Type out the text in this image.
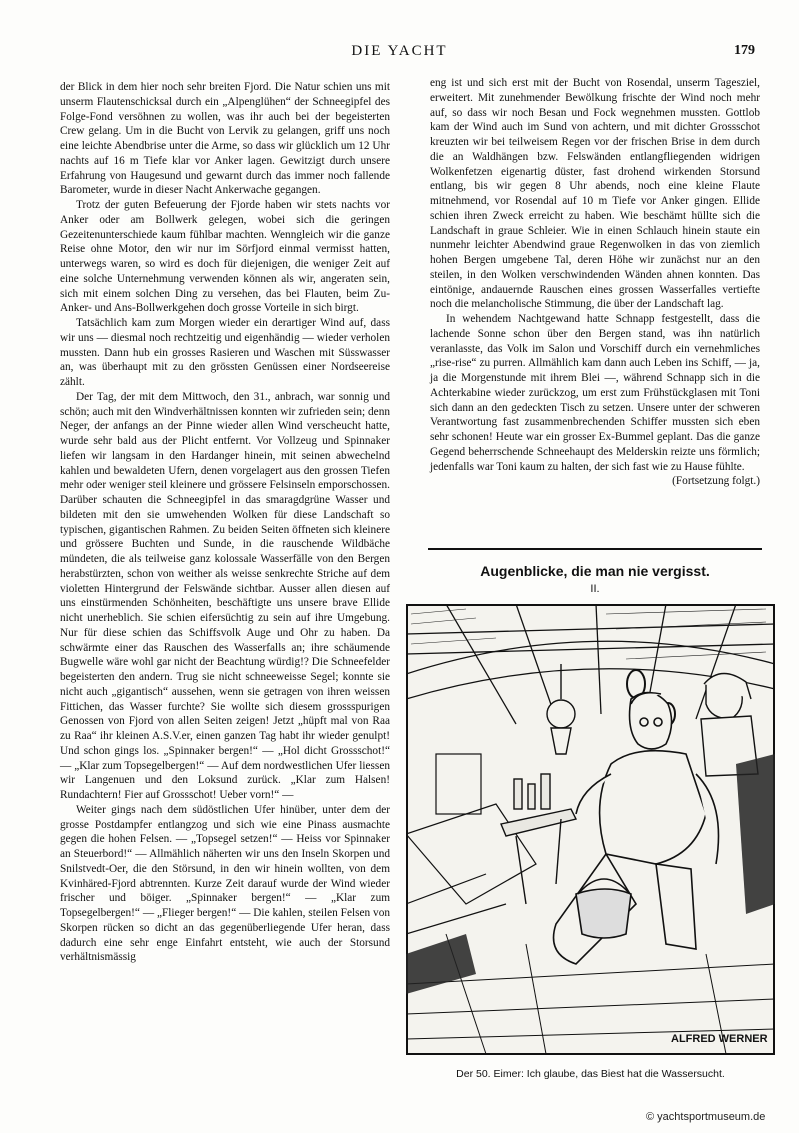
DIE YACHT	179

der Blick in dem hier noch sehr breiten Fjord. Die Natur schien uns mit unserm Flautenschicksal durch ein „Alpenglühen“ der Schneegipfel des Folge-Fond versöhnen zu wollen, was ihr auch bei der begeisterten Crew gelang. Um in die Bucht von Lervik zu gelangen, griff uns noch eine leichte Abendbrise unter die Arme, so dass wir glücklich um 12 Uhr nachts auf 16 m Tiefe klar vor Anker lagen. Gewitzigt durch unsere Erfahrung von Haugesund und gewarnt durch das immer noch fallende Barometer, wurde in dieser Nacht Ankerwache gegangen.

Trotz der guten Befeuerung der Fjorde haben wir stets nachts vor Anker oder am Bollwerk gelegen, wobei sich die geringen Gezeitenunterschiede kaum fühlbar machten. Wenngleich wir die ganze Reise ohne Motor, den wir nur im Sörfjord einmal vermisst hatten, unterwegs waren, so wird es doch für diejenigen, die weniger Zeit auf eine solche Unternehmung verwenden können als wir, angeraten sein, sich mit einem solchen Ding zu versehen, das bei Flauten, beim Zu-Anker- und Ans-Bollwerkgehen doch grosse Vorteile in sich birgt.

Tatsächlich kam zum Morgen wieder ein derartiger Wind auf, dass wir uns — diesmal noch rechtzeitig und eigenhändig — wieder verholen mussten. Dann hub ein grosses Rasieren und Waschen mit Süsswasser an, was überhaupt mit zu den grössten Genüssen einer Nordseereise zählt.

Der Tag, der mit dem Mittwoch, den 31., anbrach, war sonnig und schön; auch mit den Windverhältnissen konnten wir zufrieden sein; denn Neger, der anfangs an der Pinne wieder allen Wind verscheucht hatte, wurde sehr bald aus der Plicht entfernt. Vor Vollzeug und Spinnaker liefen wir langsam in den Hardanger hinein, mit seinen abwechelnd kahlen und bewaldeten Ufern, denen vorgelagert aus den grossen Tiefen mehr oder weniger steil kleinere und grössere Felsinseln emporschossen. Darüber schauten die Schneegipfel in das smaragdgrüne Wasser und bildeten mit den sie umwehenden Wolken für diese Landschaft so typischen, gigantischen Rahmen. Zu beiden Seiten öffneten sich kleinere und grössere Buchten und Sunde, in die rauschende Wildbäche mündeten, die als teilweise ganz kolossale Wasserfälle von den Bergen herabstürzten, schon von weither als weisse senkrechte Striche auf dem violetten Hintergrund der Felswände sichtbar. Ausser allen diesen auf uns einstürmenden Schönheiten, beschäftigte uns unsere brave Ellide nicht unerheblich. Sie schien eifersüchtig zu sein auf ihre Umgebung. Nur für diese schien das Schiffsvolk Auge und Ohr zu haben. Da schwärmte einer das Rauschen des Wasserfalls an; ihre schäumende Bugwelle wäre wohl gar nicht der Beachtung würdig!? Die Schneefelder begeisterten den andern. Trug sie nicht schneeweisse Segel; konnte sie nicht auch „gigantisch“ aussehen, wenn sie getragen von ihren weissen Fittichen, das Wasser furchte? Sie wollte sich diesem grossspurigen Genossen von Fjord von allen Seiten zeigen! Jetzt „hüpft mal von Raa zu Raa“ ihr kleinen A.S.V.er, einen ganzen Tag habt ihr wieder genulpt! Und schon gings los. „Spinnaker bergen!“ — „Hol dicht Grossschot!“ — „Klar zum Topsegelbergen!“ — Auf dem nordwestlichen Ufer liessen wir Langenuen und den Loksund zurück. „Klar zum Halsen! Rundachtern! Fier auf Grossschot! Ueber vorn!“ —

Weiter gings nach dem südöstlichen Ufer hinüber, unter dem der grosse Postdampfer entlangzog und sich wie eine Pinass ausmachte gegen die hohen Felsen. — „Topsegel setzen!“ — Heiss vor Spinnaker an Steuerbord!“ — Allmählich näherten wir uns den Inseln Skorpen und Snilstvedt-Oer, die den Störsund, in den wir hinein wollten, von dem Kvinhäred-Fjord abtrennten. Kurze Zeit darauf wurde der Wind wieder frischer und böiger. „Spinnaker bergen!“ — „Klar zum Topsegelbergen!“ — „Flieger bergen!“ — Die kahlen, steilen Felsen von Skorpen rücken so dicht an das gegenüberliegende Ufer heran, dass dadurch eine sehr enge Einfahrt entsteht, wie auch der Storsund verhältnismässig

eng ist und sich erst mit der Bucht von Rosendal, unserm Tagesziel, erweitert. Mit zunehmender Bewölkung frischte der Wind noch mehr auf, so dass wir noch Besan und Fock wegnehmen mussten. Gottlob kam der Wind auch im Sund von achtern, und mit dichter Grossschot kreuzten wir bei teilweisem Regen vor der frischen Brise in dem durch die an Waldhängen bzw. Felswänden entlangfliegenden widrigen Wolkenfetzen eigenartig düster, fast drohend wirkenden Storsund entlang, bis wir gegen 8 Uhr abends, noch eine kleine Flaute mitnehmend, vor Rosendal auf 10 m Tiefe vor Anker gingen. Ellide schien ihren Zweck erreicht zu haben. Wie beschämt hüllte sich die Landschaft in graue Schleier. Wie in einen Schlauch hinein staute ein nunmehr leichter Abendwind graue Regenwolken in das von ziemlich hohen Bergen umgebene Tal, deren Höhe wir zunächst nur an den steilen, in den Wolken verschwindenden Wänden ahnen konnten. Das eintönige, andauernde Rauschen eines grossen Wasserfalles vertiefte noch die melancholische Stimmung, die über der Landschaft lag.

In wehendem Nachtgewand hatte Schnapp festgestellt, dass die lachende Sonne schon über den Bergen stand, was ihn natürlich veranlasste, das Volk im Salon und Vorschiff durch ein vernehmliches „rise-rise“ zu purren. Allmählich kam dann auch Leben ins Schiff, — ja, ja die Morgenstunde mit ihrem Blei —, während Schnapp sich in die Achterkabine wieder zurückzog, um erst zum Frühstückglasen mit Toni sich dann an den gedeckten Tisch zu setzen. Unsere unter der schweren Verantwortung fast zusammenbrechenden Schiffer mussten sich eben sehr schonen! Heute war ein grosser Ex-Bummel geplant. Das die ganze Gegend beherrschende Schneehaupt des Melderskin reizte uns förmlich; jedenfalls war Toni kaum zu halten, der sich fast wie zu Hause fühlte.
(Fortsetzung folgt.)

Augenblicke, die man nie vergisst.
II.
ALFRED WERNER
Der 50. Eimer: Ich glaube, das Biest hat die Wassersucht.
© yachtsportmuseum.de
